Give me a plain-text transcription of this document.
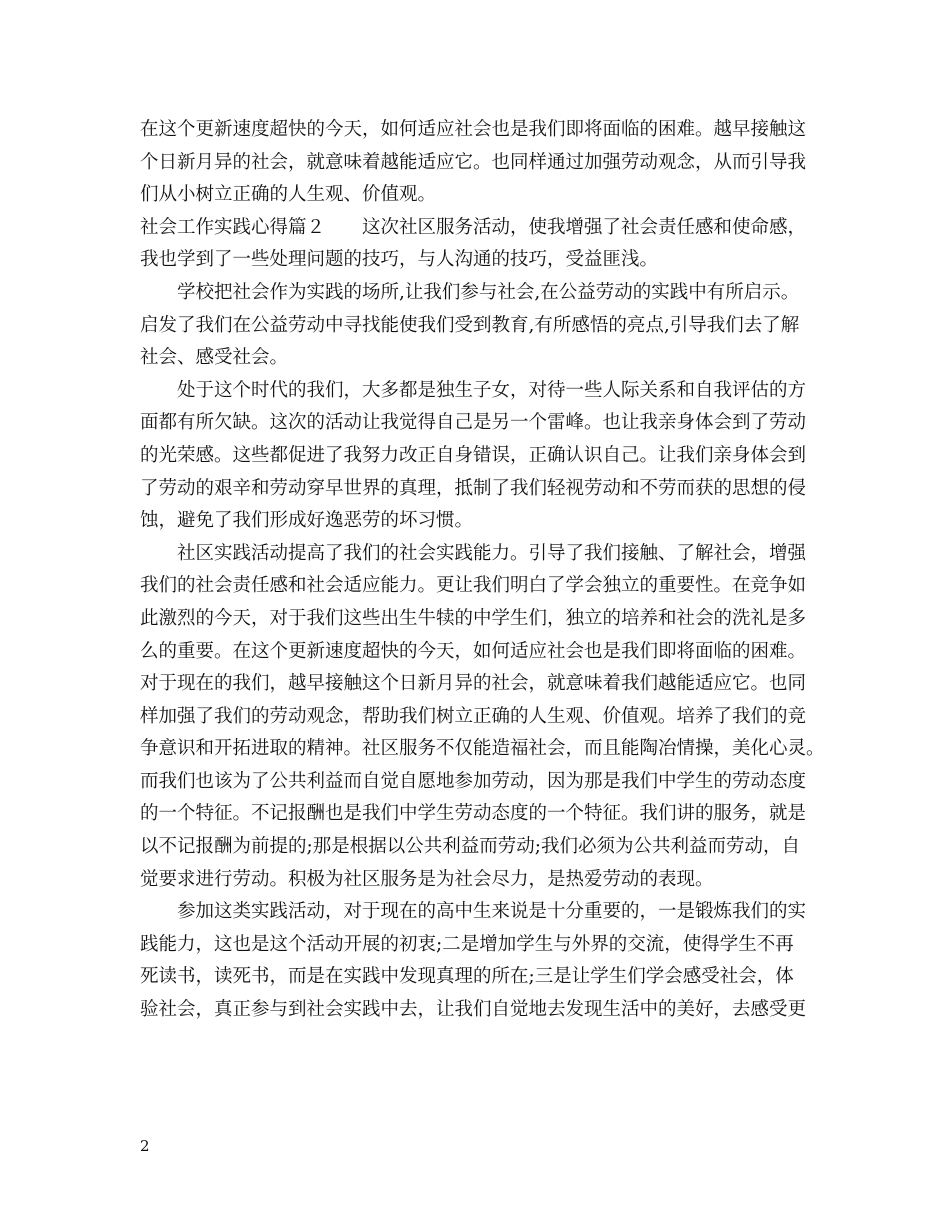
在这个更新速度超快的今天，如何适应社会也是我们即将面临的困难。越早接触这
个日新月异的社会，就意味着越能适应它。也同样通过加强劳动观念，从而引导我
们从小树立正确的人生观、价值观。
社会工作实践心得篇２　　这次社区服务活动，使我增强了社会责任感和使命感，
我也学到了一些处理问题的技巧，与人沟通的技巧，受益匪浅。
学校把社会作为实践的场所,让我们参与社会,在公益劳动的实践中有所启示。
启发了我们在公益劳动中寻找能使我们受到教育,有所感悟的亮点,引导我们去了解
社会、感受社会。
处于这个时代的我们，大多都是独生子女，对待一些人际关系和自我评估的方
面都有所欠缺。这次的活动让我觉得自己是另一个雷峰。也让我亲身体会到了劳动
的光荣感。这些都促进了我努力改正自身错误，正确认识自己。让我们亲身体会到
了劳动的艰辛和劳动穿早世界的真理，抵制了我们轻视劳动和不劳而获的思想的侵
蚀，避免了我们形成好逸恶劳的坏习惯。
社区实践活动提高了我们的社会实践能力。引导了我们接触、了解社会，增强
我们的社会责任感和社会适应能力。更让我们明白了学会独立的重要性。在竞争如
此激烈的今天，对于我们这些出生牛犊的中学生们，独立的培养和社会的洗礼是多
么的重要。在这个更新速度超快的今天，如何适应社会也是我们即将面临的困难。
对于现在的我们，越早接触这个日新月异的社会，就意味着我们越能适应它。也同
样加强了我们的劳动观念，帮助我们树立正确的人生观、价值观。培养了我们的竞
争意识和开拓进取的精神。社区服务不仅能造福社会，而且能陶冶情操，美化心灵。
而我们也该为了公共利益而自觉自愿地参加劳动，因为那是我们中学生的劳动态度
的一个特征。不记报酬也是我们中学生劳动态度的一个特征。我们讲的服务，就是
以不记报酬为前提的;那是根据以公共利益而劳动;我们必须为公共利益而劳动，自
觉要求进行劳动。积极为社区服务是为社会尽力，是热爱劳动的表现。
参加这类实践活动，对于现在的高中生来说是十分重要的，一是锻炼我们的实
践能力，这也是这个活动开展的初衷;二是增加学生与外界的交流，使得学生不再
死读书，读死书，而是在实践中发现真理的所在;三是让学生们学会感受社会，体
验社会，真正参与到社会实践中去，让我们自觉地去发现生活中的美好，去感受更
2
